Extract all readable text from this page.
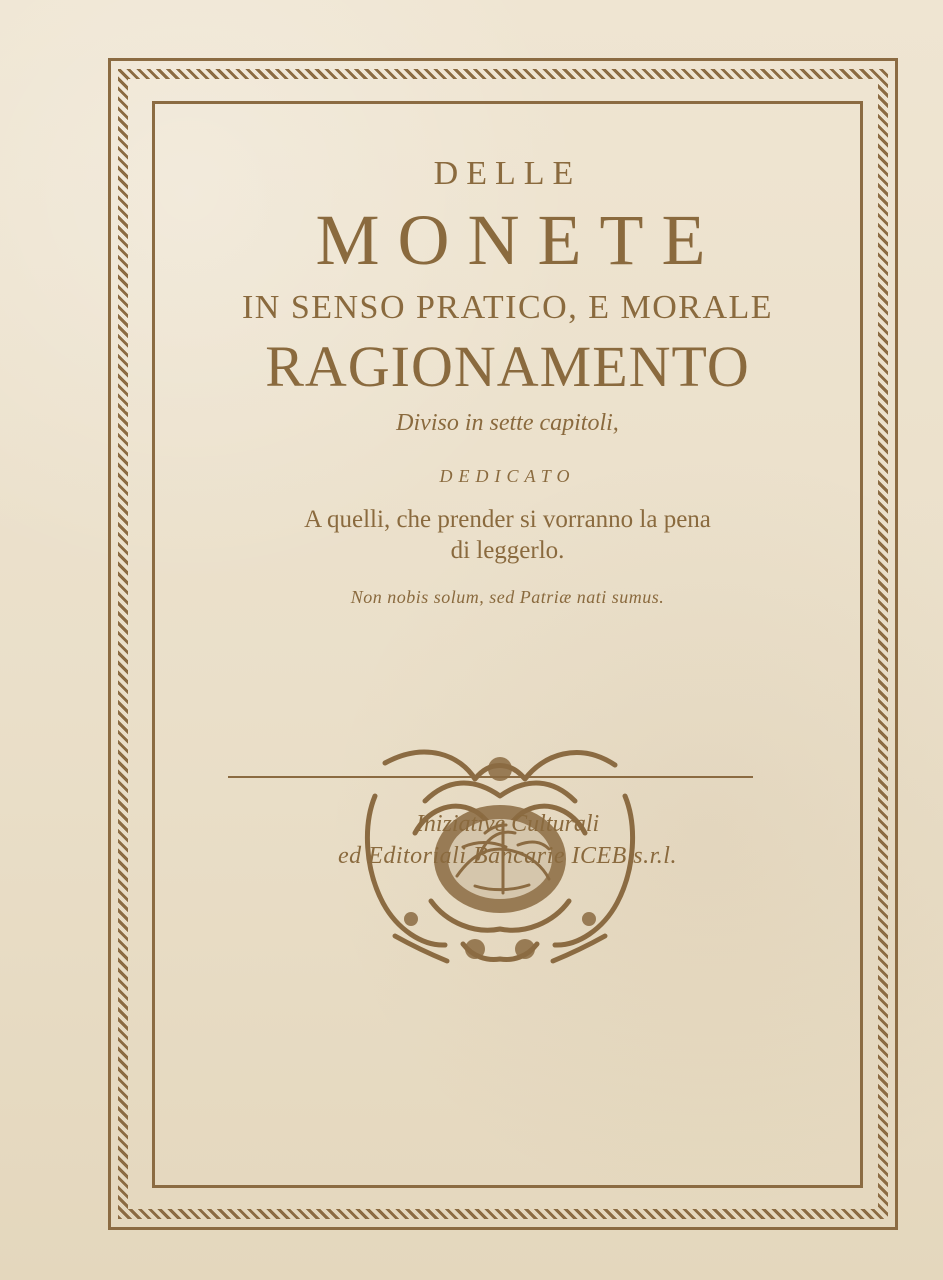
DELLE
MONETE
IN SENSO PRATICO, E MORALE
RAGIONAMENTO
Diviso in sette capitoli,
DEDICATO
A quelli, che prender si vorranno la pena
di leggerlo.
Non nobis solum, sed Patriæ nati sumus.
Iniziative Culturali
ed Editoriali Bancarie ICEB s.r.l.
